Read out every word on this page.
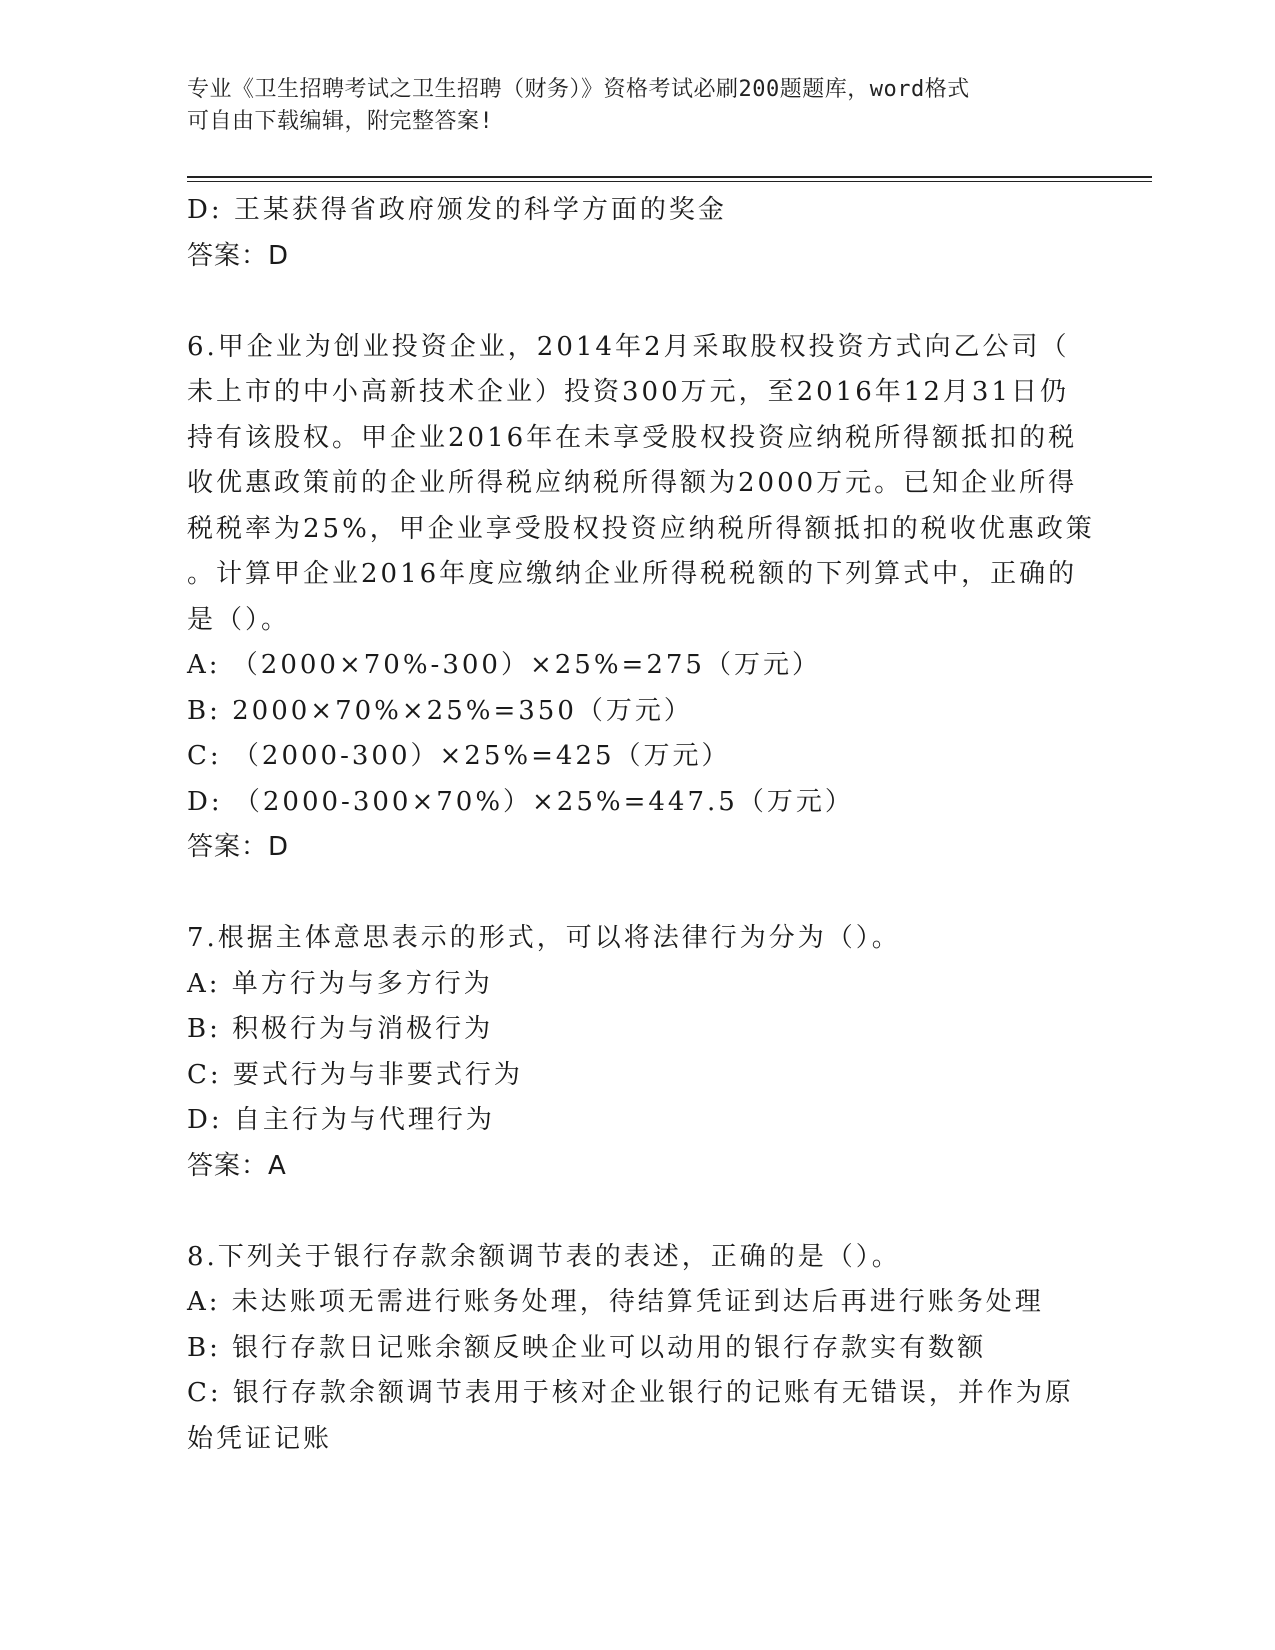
专业《卫生招聘考试之卫生招聘（财务）》资格考试必刷200题题库，word格式
可自由下载编辑，附完整答案!
D: 王某获得省政府颁发的科学方面的奖金
答案：D
6.甲企业为创业投资企业，2014年2月采取股权投资方式向乙公司（
未上市的中小高新技术企业）投资300万元，至2016年12月31日仍
持有该股权。甲企业2016年在未享受股权投资应纳税所得额抵扣的税
收优惠政策前的企业所得税应纳税所得额为2000万元。已知企业所得
税税率为25%，甲企业享受股权投资应纳税所得额抵扣的税收优惠政策
。计算甲企业2016年度应缴纳企业所得税税额的下列算式中，正确的
是（）。
A: （2000×70%-300）×25%=275（万元）
B: 2000×70%×25%=350（万元）
C: （2000-300）×25%=425（万元）
D: （2000-300×70%）×25%=447.5（万元）
答案：D
7.根据主体意思表示的形式，可以将法律行为分为（）。
A: 单方行为与多方行为
B: 积极行为与消极行为
C: 要式行为与非要式行为
D: 自主行为与代理行为
答案：A
8.下列关于银行存款余额调节表的表述，正确的是（）。
A: 未达账项无需进行账务处理，待结算凭证到达后再进行账务处理
B: 银行存款日记账余额反映企业可以动用的银行存款实有数额
C: 银行存款余额调节表用于核对企业银行的记账有无错误，并作为原
始凭证记账
